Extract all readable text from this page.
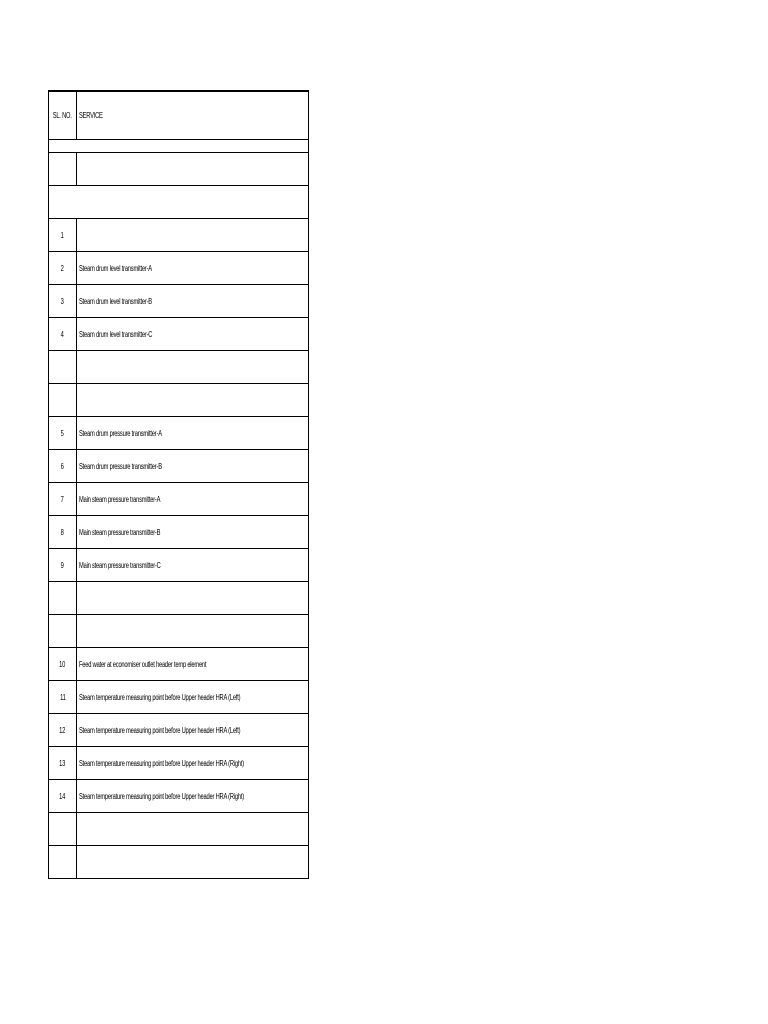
SL. NO.	SERVICE

1	
2	Steam drum level transmitter-A
3	Steam drum level transmitter-B
4	Steam drum level transmitter-C

5	Steam drum pressure transmitter-A
6	Steam drum pressure transmitter-B
7	Main steam pressure transmitter-A
8	Main steam pressure transmitter-B
9	Main steam pressure transmitter-C

10	Feed water at economiser outlet header temp element
11	Steam temperature measuring point before Upper header HRA (Left)
12	Steam temperature measuring point before Upper header HRA (Left)
13	Steam temperature measuring point before Upper header HRA (Right)
14	Steam temperature measuring point before Upper header HRA (Right)
